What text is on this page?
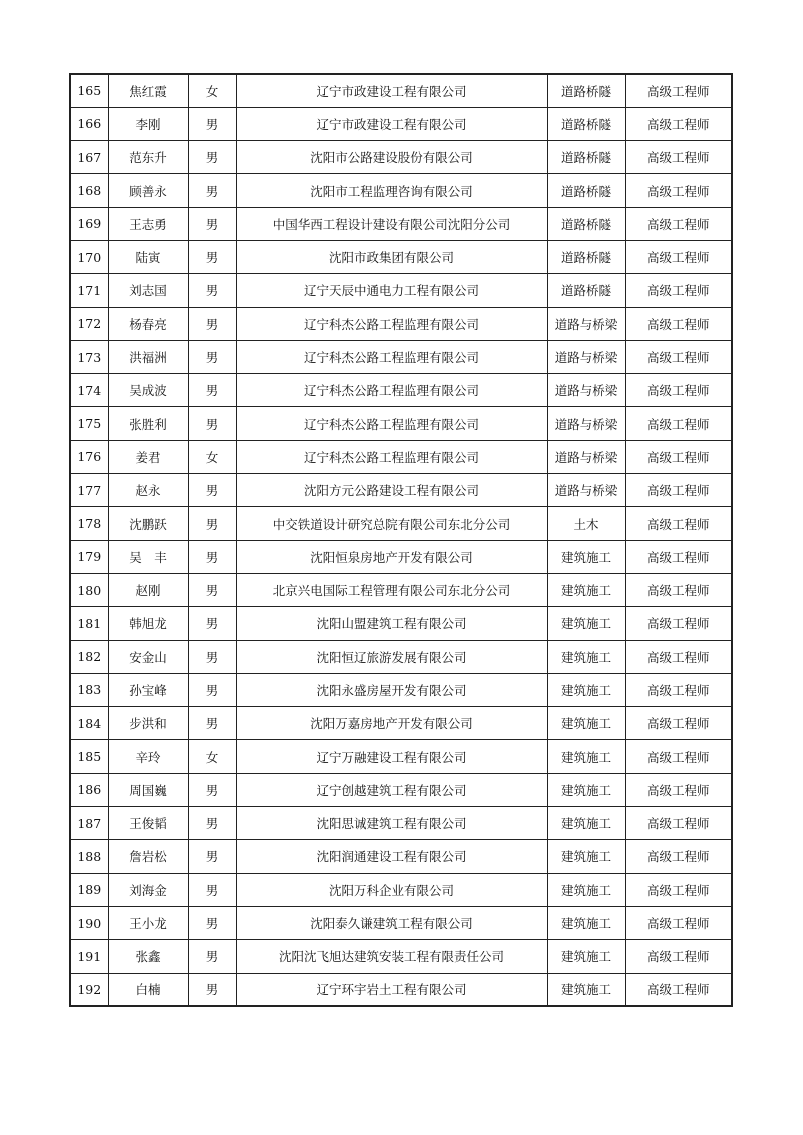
165	焦红霞	女	辽宁市政建设工程有限公司	道路桥隧	高级工程师
166	李刚	男	辽宁市政建设工程有限公司	道路桥隧	高级工程师
167	范东升	男	沈阳市公路建设股份有限公司	道路桥隧	高级工程师
168	顾善永	男	沈阳市工程监理咨询有限公司	道路桥隧	高级工程师
169	王志勇	男	中国华西工程设计建设有限公司沈阳分公司	道路桥隧	高级工程师
170	陆寅	男	沈阳市政集团有限公司	道路桥隧	高级工程师
171	刘志国	男	辽宁天辰中通电力工程有限公司	道路桥隧	高级工程师
172	杨春亮	男	辽宁科杰公路工程监理有限公司	道路与桥梁	高级工程师
173	洪福洲	男	辽宁科杰公路工程监理有限公司	道路与桥梁	高级工程师
174	吴成波	男	辽宁科杰公路工程监理有限公司	道路与桥梁	高级工程师
175	张胜利	男	辽宁科杰公路工程监理有限公司	道路与桥梁	高级工程师
176	姜君	女	辽宁科杰公路工程监理有限公司	道路与桥梁	高级工程师
177	赵永	男	沈阳方元公路建设工程有限公司	道路与桥梁	高级工程师
178	沈鹏跃	男	中交铁道设计研究总院有限公司东北分公司	土木	高级工程师
179	吴　丰	男	沈阳恒泉房地产开发有限公司	建筑施工	高级工程师
180	赵刚	男	北京兴电国际工程管理有限公司东北分公司	建筑施工	高级工程师
181	韩旭龙	男	沈阳山盟建筑工程有限公司	建筑施工	高级工程师
182	安金山	男	沈阳恒辽旅游发展有限公司	建筑施工	高级工程师
183	孙宝峰	男	沈阳永盛房屋开发有限公司	建筑施工	高级工程师
184	步洪和	男	沈阳万嘉房地产开发有限公司	建筑施工	高级工程师
185	辛玲	女	辽宁万融建设工程有限公司	建筑施工	高级工程师
186	周国巍	男	辽宁创越建筑工程有限公司	建筑施工	高级工程师
187	王俊韬	男	沈阳思诚建筑工程有限公司	建筑施工	高级工程师
188	詹岩松	男	沈阳润通建设工程有限公司	建筑施工	高级工程师
189	刘海金	男	沈阳万科企业有限公司	建筑施工	高级工程师
190	王小龙	男	沈阳泰久谦建筑工程有限公司	建筑施工	高级工程师
191	张鑫	男	沈阳沈飞旭达建筑安装工程有限责任公司	建筑施工	高级工程师
192	白楠	男	辽宁环宇岩土工程有限公司	建筑施工	高级工程师
